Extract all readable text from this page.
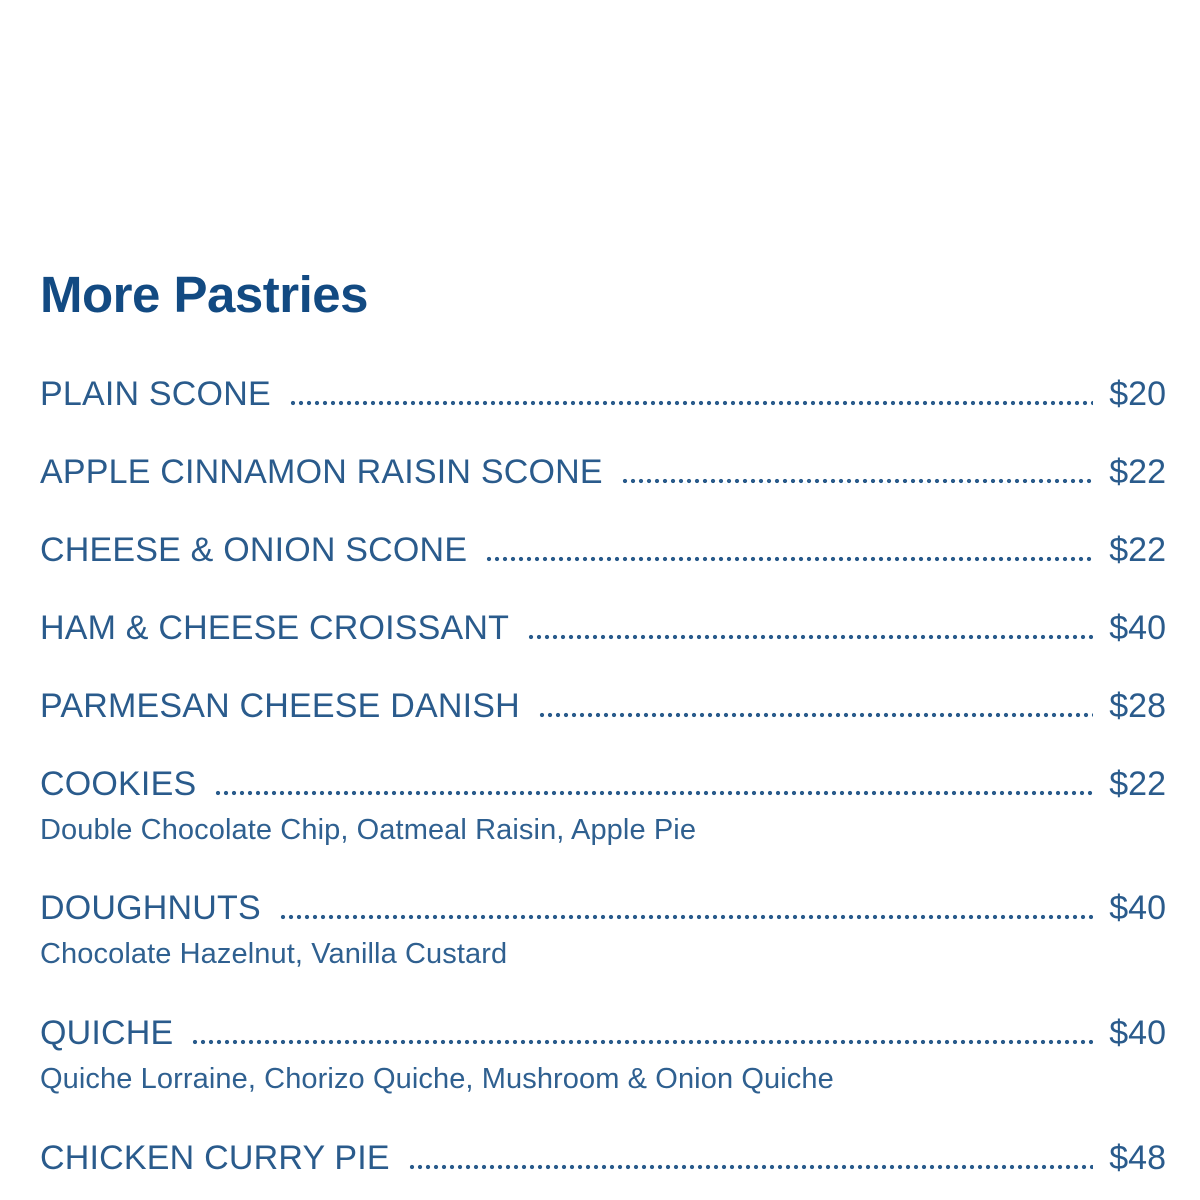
More Pastries
PLAIN SCONE	$20
APPLE CINNAMON RAISIN SCONE	$22
CHEESE & ONION SCONE	$22
HAM & CHEESE CROISSANT	$40
PARMESAN CHEESE DANISH	$28
COOKIES	$22
Double Chocolate Chip, Oatmeal Raisin, Apple Pie
DOUGHNUTS	$40
Chocolate Hazelnut, Vanilla Custard
QUICHE	$40
Quiche Lorraine, Chorizo Quiche, Mushroom & Onion Quiche
CHICKEN CURRY PIE	$48
